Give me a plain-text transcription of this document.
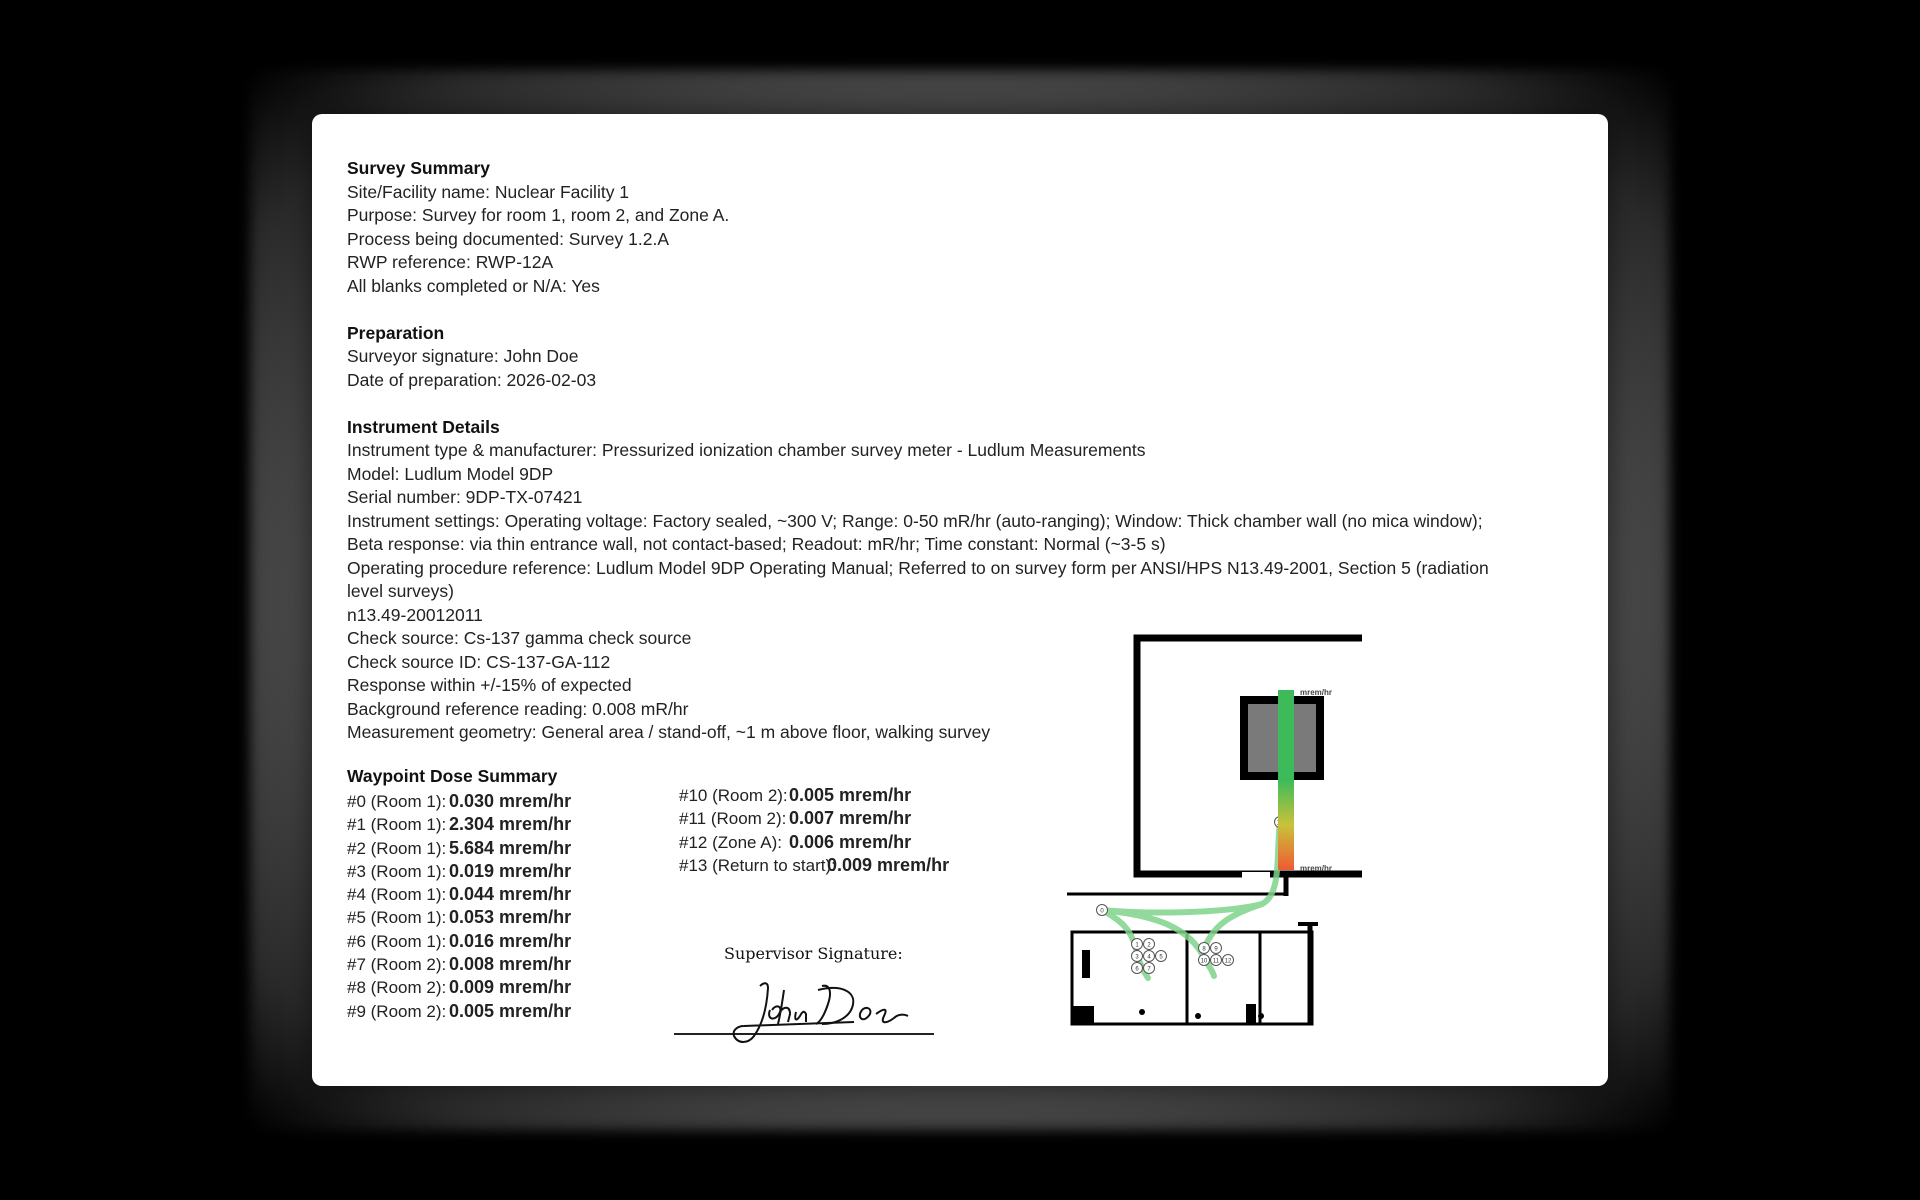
Survey Summary
Site/Facility name: Nuclear Facility 1
Purpose: Survey for room 1, room 2, and Zone A.
Process being documented: Survey 1.2.A
RWP reference: RWP-12A
All blanks completed or N/A: Yes
Preparation
Surveyor signature: John Doe
Date of preparation: 2026-02-03
Instrument Details
Instrument type & manufacturer: Pressurized ionization chamber survey meter - Ludlum Measurements
Model: Ludlum Model 9DP
Serial number: 9DP-TX-07421
Instrument settings: Operating voltage: Factory sealed, ~300 V; Range: 0-50 mR/hr (auto-ranging); Window: Thick chamber wall (no mica window);
Beta response: via thin entrance wall, not contact-based; Readout: mR/hr; Time constant: Normal (~3-5 s)
Operating procedure reference: Ludlum Model 9DP Operating Manual; Referred to on survey form per ANSI/HPS N13.49-2001, Section 5 (radiation
level surveys)
n13.49-20012011
Check source: Cs-137 gamma check source
Check source ID: CS-137-GA-112
Response within +/-15% of expected
Background reference reading: 0.008 mR/hr
Measurement geometry: General area / stand-off, ~1 m above floor, walking survey
Waypoint Dose Summary
#0 (Room 1): 0.030 mrem/hr
#1 (Room 1): 2.304 mrem/hr
#2 (Room 1): 5.684 mrem/hr
#3 (Room 1): 0.019 mrem/hr
#4 (Room 1): 0.044 mrem/hr
#5 (Room 1): 0.053 mrem/hr
#6 (Room 1): 0.016 mrem/hr
#7 (Room 2): 0.008 mrem/hr
#8 (Room 2): 0.009 mrem/hr
#9 (Room 2): 0.005 mrem/hr
#10 (Room 2):0.005 mrem/hr
#11 (Room 2): 0.007 mrem/hr
#12 (Zone A): 0.006 mrem/hr
#13 (Return to start):0.009 mrem/hr
Supervisor Signature:
0
1 2
3 4 5
6 7
8 9
10 11 12
mrem/hr
mrem/hr
